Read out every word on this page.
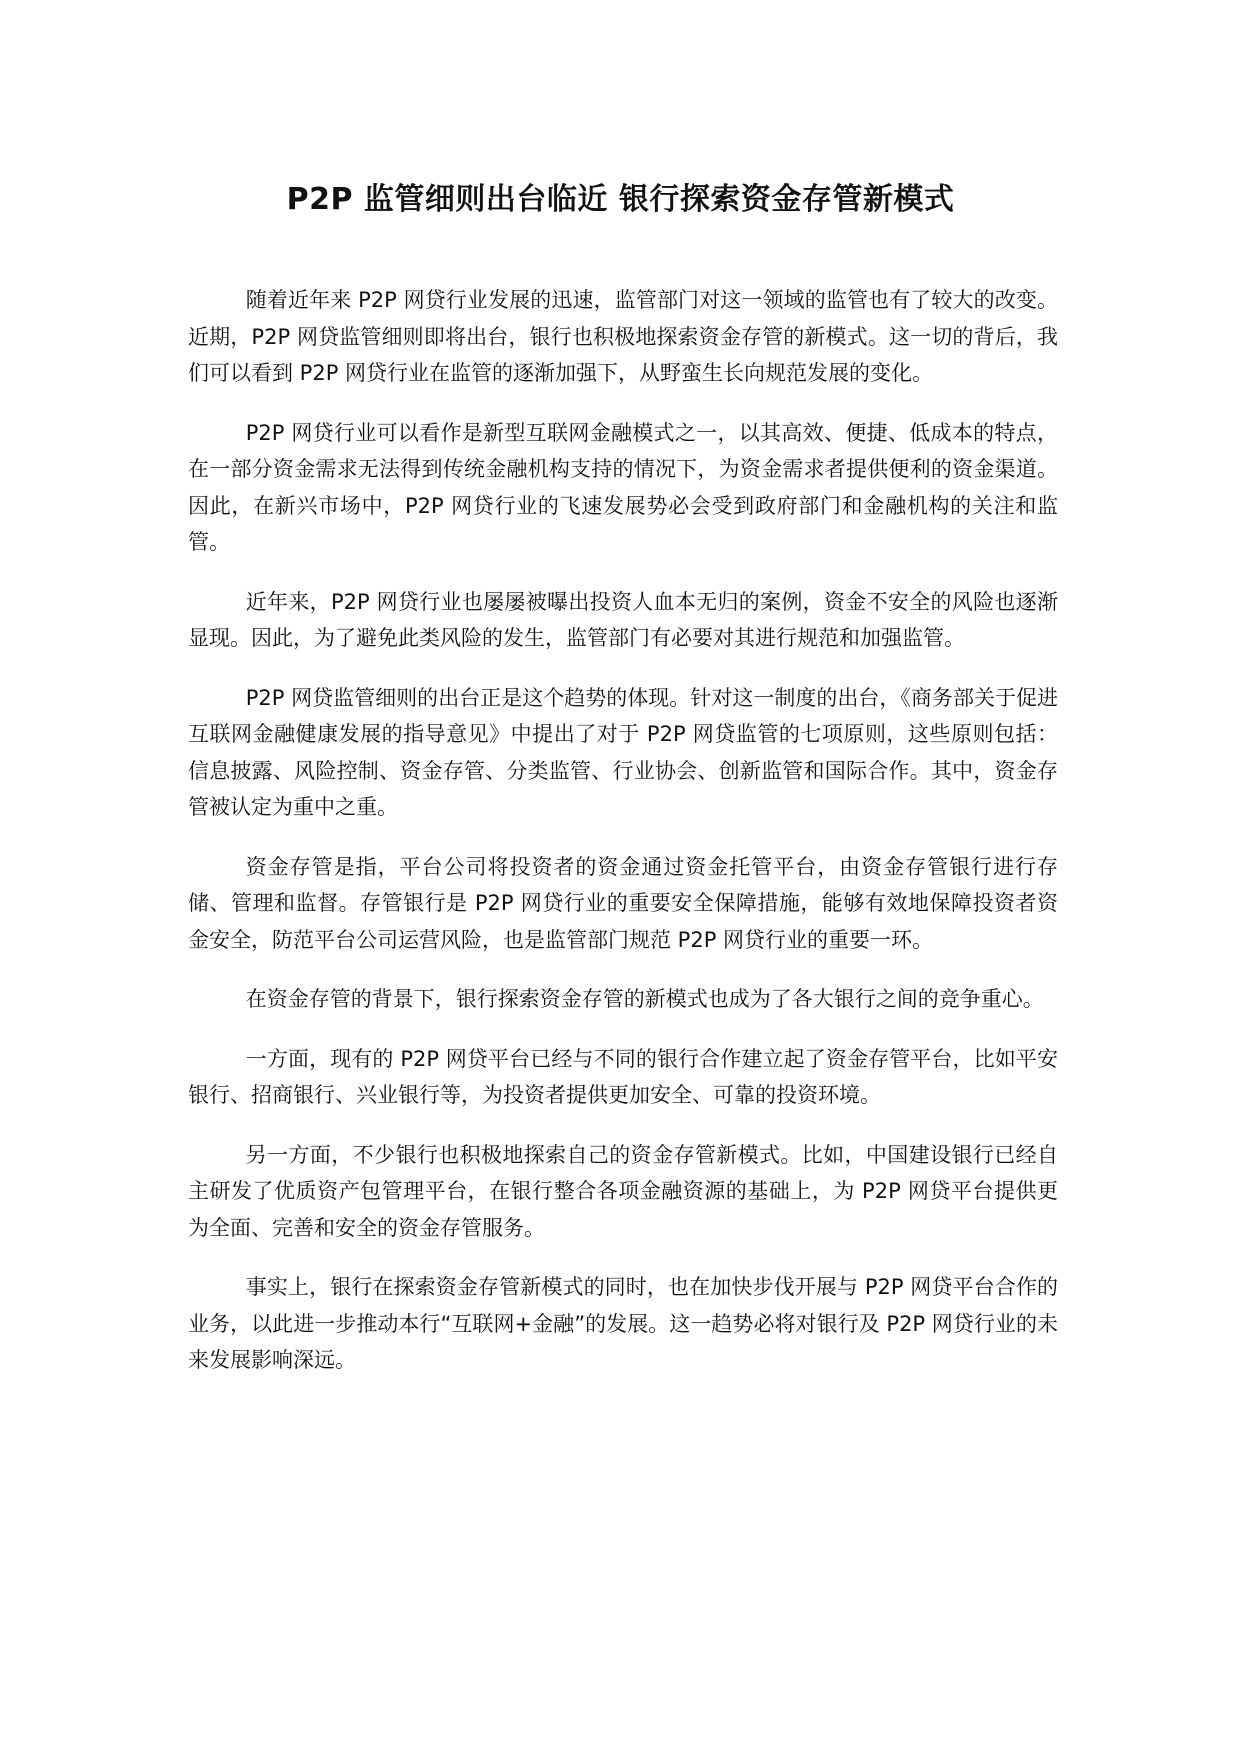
P2P 监管细则出台临近 银行探索资金存管新模式

随着近年来 P2P 网贷行业发展的迅速，监管部门对这一领域的监管也有了较大的改变。近期，P2P 网贷监管细则即将出台，银行也积极地探索资金存管的新模式。这一切的背后，我们可以看到 P2P 网贷行业在监管的逐渐加强下，从野蛮生长向规范发展的变化。

P2P 网贷行业可以看作是新型互联网金融模式之一，以其高效、便捷、低成本的特点，在一部分资金需求无法得到传统金融机构支持的情况下，为资金需求者提供便利的资金渠道。因此，在新兴市场中，P2P 网贷行业的飞速发展势必会受到政府部门和金融机构的关注和监管。

近年来，P2P 网贷行业也屡屡被曝出投资人血本无归的案例，资金不安全的风险也逐渐显现。因此，为了避免此类风险的发生，监管部门有必要对其进行规范和加强监管。

P2P 网贷监管细则的出台正是这个趋势的体现。针对这一制度的出台，《商务部关于促进互联网金融健康发展的指导意见》中提出了对于 P2P 网贷监管的七项原则，这些原则包括：信息披露、风险控制、资金存管、分类监管、行业协会、创新监管和国际合作。其中，资金存管被认定为重中之重。

资金存管是指，平台公司将投资者的资金通过资金托管平台，由资金存管银行进行存储、管理和监督。存管银行是 P2P 网贷行业的重要安全保障措施，能够有效地保障投资者资金安全，防范平台公司运营风险，也是监管部门规范 P2P 网贷行业的重要一环。

在资金存管的背景下，银行探索资金存管的新模式也成为了各大银行之间的竞争重心。

一方面，现有的 P2P 网贷平台已经与不同的银行合作建立起了资金存管平台，比如平安银行、招商银行、兴业银行等，为投资者提供更加安全、可靠的投资环境。

另一方面，不少银行也积极地探索自己的资金存管新模式。比如，中国建设银行已经自主研发了优质资产包管理平台，在银行整合各项金融资源的基础上，为 P2P 网贷平台提供更为全面、完善和安全的资金存管服务。

事实上，银行在探索资金存管新模式的同时，也在加快步伐开展与 P2P 网贷平台合作的业务，以此进一步推动本行“互联网+金融”的发展。这一趋势必将对银行及 P2P 网贷行业的未来发展影响深远。
